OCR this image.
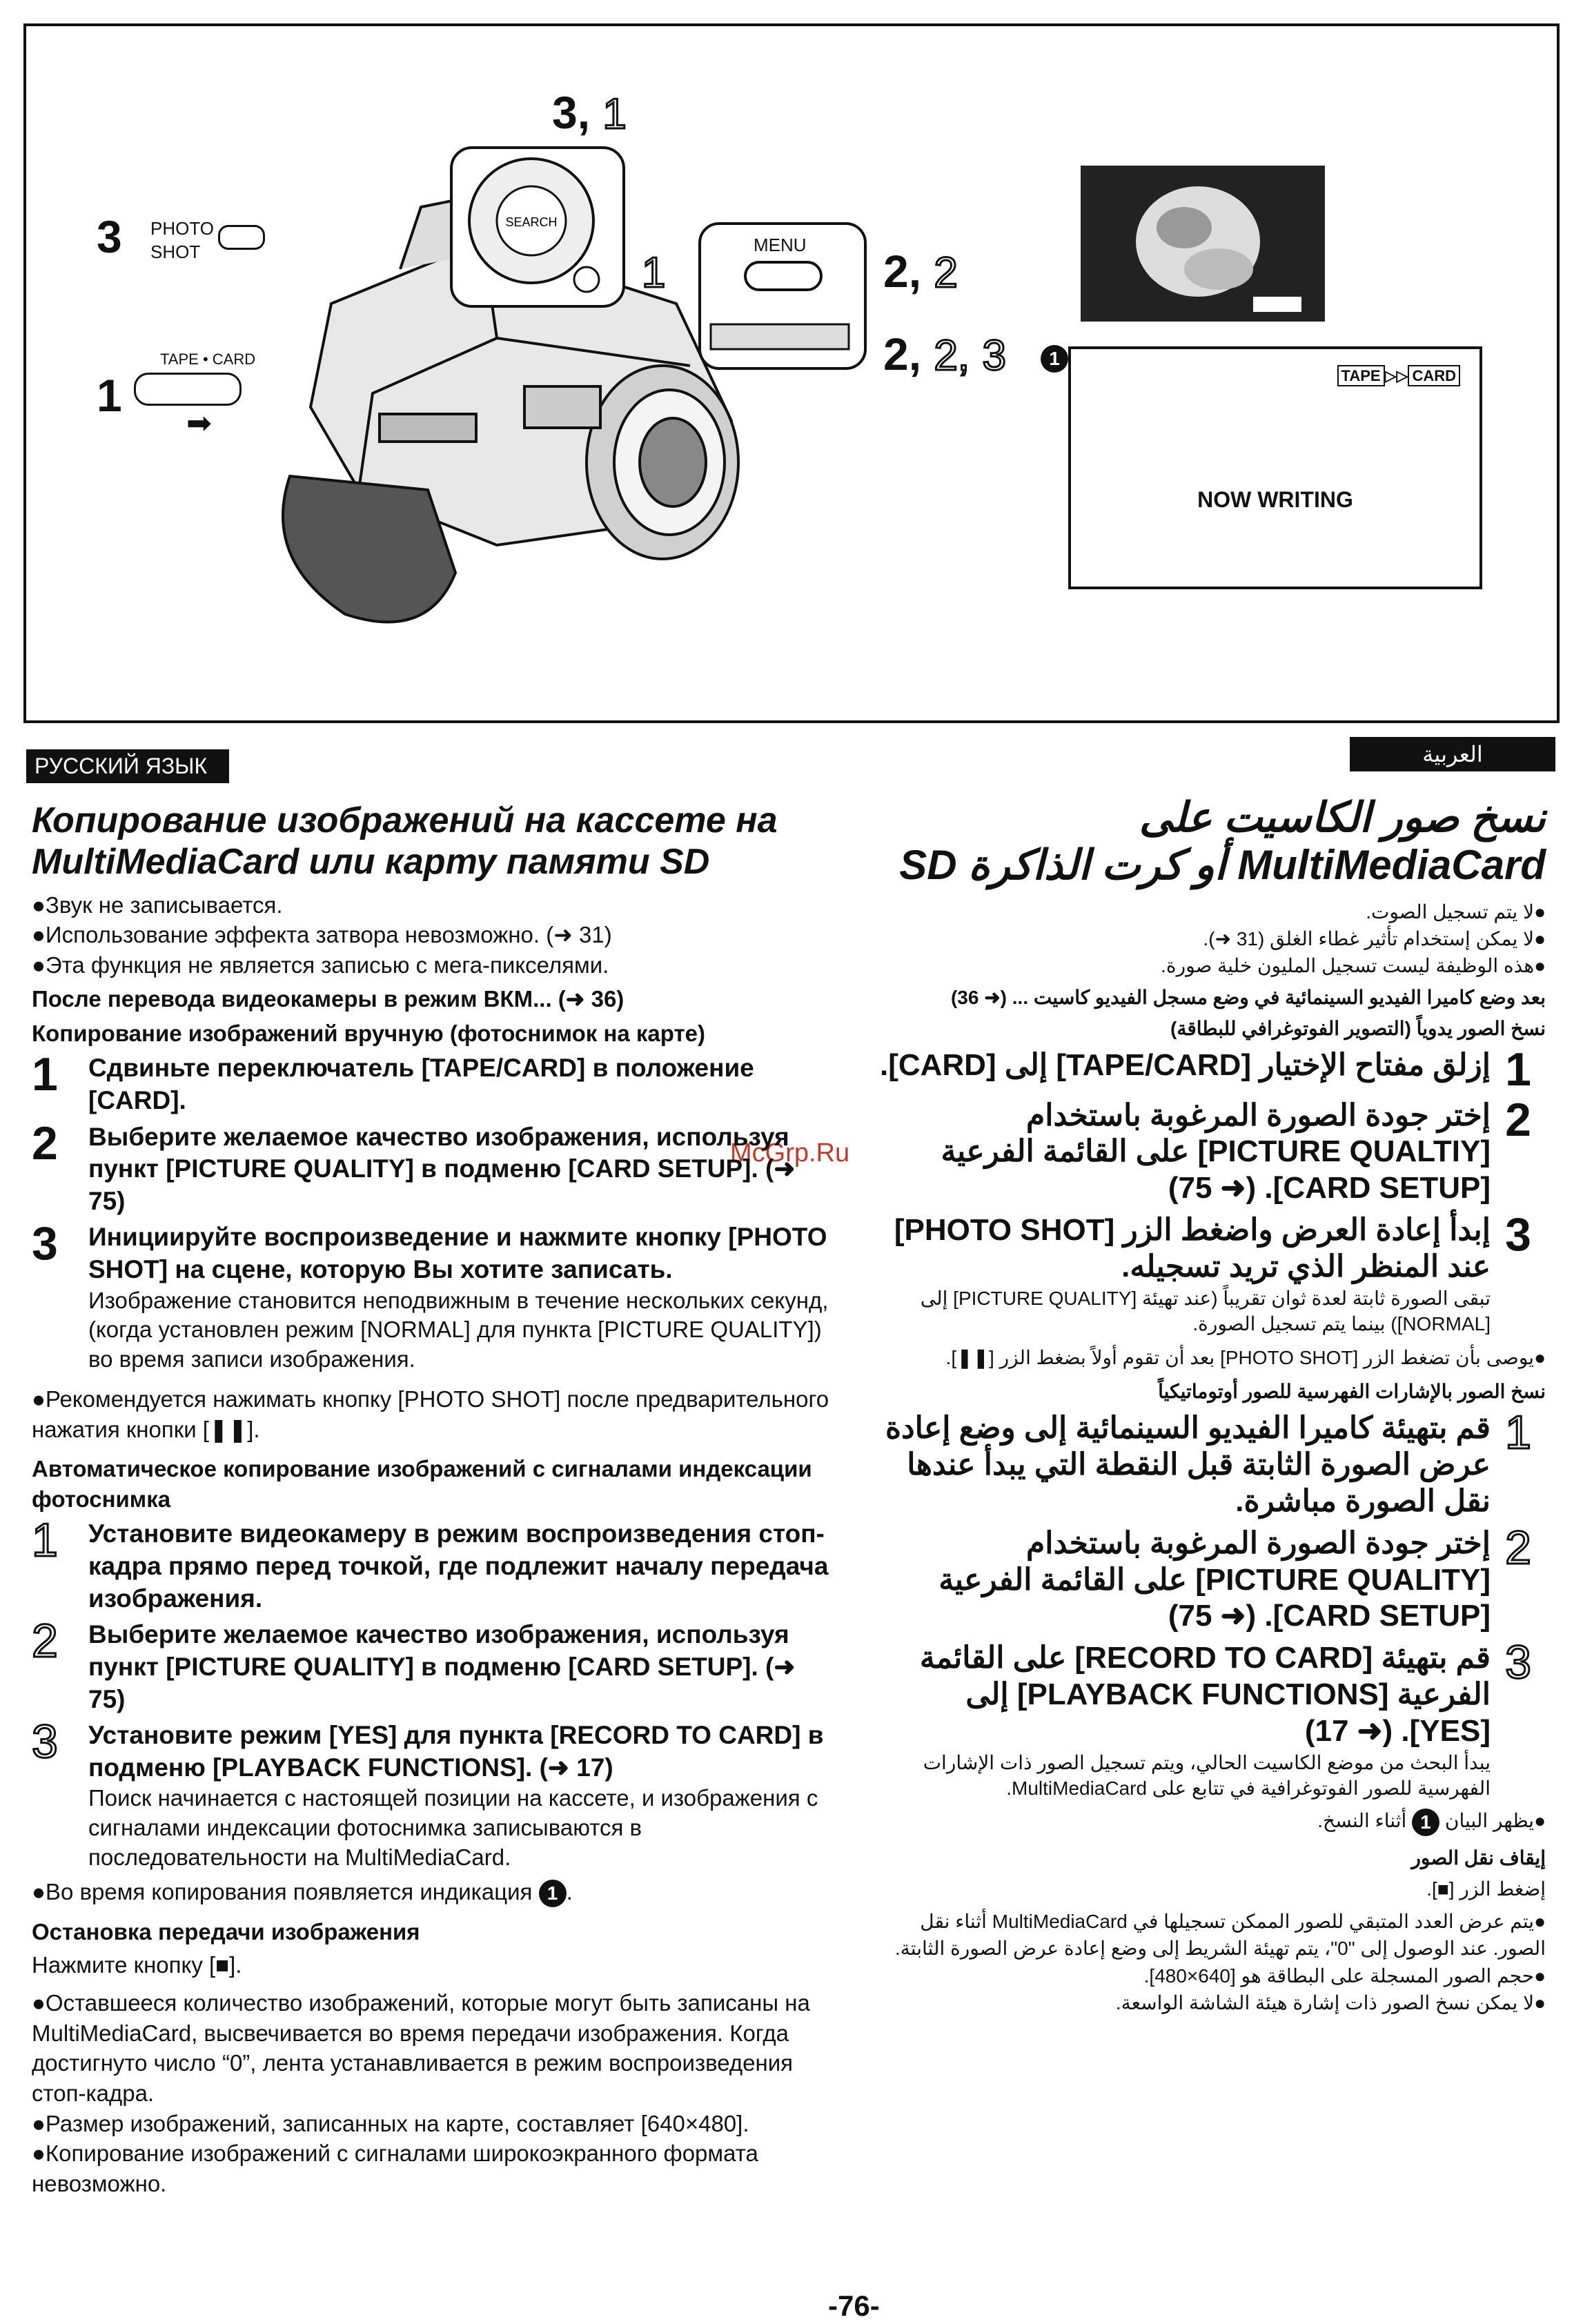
SEARCH
MENU
3, 1
3 PHOTO
SHOT
1
TAPE • CARD
➡
1	2, 2
2, 2, 3	1
TAPE ▷▷ CARD
NOW WRITING
РУССКИЙ ЯЗЫК	العربية
McGrp.Ru
Копирование изображений на кассете на MultiMediaCard или карту памяти SD

●Звук не записывается.

●Использование эффекта затвора невозможно. (➜ 31)

●Эта функция не является записью с мега-пикселями.

После перевода видеокамеры в режим ВКМ... (➜ 36)

Копирование изображений вручную (фотоснимок на карте)

1	Сдвиньте переключатель [TAPE/CARD] в положение [CARD].
2	Выберите желаемое качество изображения, используя пункт [PICTURE QUALITY] в подменю [CARD SETUP]. (➜ 75)
3	Инициируйте воспроизведение и нажмите кнопку [PHOTO SHOT] на сцене, которую Вы хотите записать.
Изображение становится неподвижным в течение нескольких секунд, (когда установлен режим [NORMAL] для пункта [PICTURE QUALITY]) во время записи изображения.

●Рекомендуется нажимать кнопку [PHOTO SHOT] после предварительного нажатия кнопки [❚❚].

Автоматическое копирование изображений с сигналами индексации фотоснимка

1	Установите видеокамеру в режим воспроизведения стоп-кадра прямо перед точкой, где подлежит началу передача изображения.
2	Выберите желаемое качество изображения, используя пункт [PICTURE QUALITY] в подменю [CARD SETUP]. (➜ 75)
3	Установите режим [YES] для пункта [RECORD TO CARD] в подменю [PLAYBACK FUNCTIONS]. (➜ 17)
Поиск начинается с настоящей позиции на кассете, и изображения с сигналами индексации фотоснимка записываются в последовательности на MultiMediaCard.

●Во время копирования появляется индикация 1 .

Остановка передачи изображения

Нажмите кнопку [■].

●Оставшееся количество изображений, которые могут быть записаны на MultiMediaCard, высвечивается во время передачи изображения. Когда достигнуто число “0”, лента устанавливается в режим воспроизведения стоп-кадра.

●Размер изображений, записанных на карте, составляет [640×480].

●Копирование изображений с сигналами широкоэкранного формата невозможно.

نسخ صور الكاسيت على MultiMediaCard أو كرت الذاكرة SD

●لا يتم تسجيل الصوت.

●لا يمكن إستخدام تأثير غطاء الغلق (31 ➜).

●هذه الوظيفة ليست تسجيل المليون خلية صورة.

بعد وضع كاميرا الفيديو السينمائية في وضع مسجل الفيديو كاسيت ... (➜ 36)

نسخ الصور يدوياً (التصوير الفوتوغرافي للبطاقة)

1
إزلق مفتاح الإختيار [TAPE/CARD] إلى [CARD].
2
إختر جودة الصورة المرغوبة باستخدام [PICTURE QUALTIY] على القائمة الفرعية [CARD SETUP]. (➜ 75)
3
إبدأ إعادة العرض واضغط الزر [PHOTO SHOT] عند المنظر الذي تريد تسجيله.
تبقى الصورة ثابتة لعدة ثوان تقريباً (عند تهيئة [PICTURE QUALITY] إلى [NORMAL]) بينما يتم تسجيل الصورة.

●يوصى بأن تضغط الزر [PHOTO SHOT] بعد أن تقوم أولاً بضغط الزر [❚❚].

نسخ الصور بالإشارات الفهرسية للصور أوتوماتيكياً

1
قم بتهيئة كاميرا الفيديو السينمائية إلى وضع إعادة عرض الصورة الثابتة قبل النقطة التي يبدأ عندها نقل الصورة مباشرة.
2
إختر جودة الصورة المرغوبة باستخدام [PICTURE QUALITY] على القائمة الفرعية [CARD SETUP]. (➜ 75)
3
قم بتهيئة [RECORD TO CARD] على القائمة الفرعية [PLAYBACK FUNCTIONS] إلى [YES]. (➜ 17)
يبدأ البحث من موضع الكاسيت الحالي، ويتم تسجيل الصور ذات الإشارات الفهرسية للصور الفوتوغرافية في تتابع على MultiMediaCard.

●يظهر البيان 1 أثناء النسخ.

إيقاف نقل الصور

إضغط الزر [■].

●يتم عرض العدد المتبقي للصور الممكن تسجيلها في MultiMediaCard أثناء نقل الصور. عند الوصول إلى "0"، يتم تهيئة الشريط إلى وضع إعادة عرض الصورة الثابتة.

●حجم الصور المسجلة على البطاقة هو [640×480].

●لا يمكن نسخ الصور ذات إشارة هيئة الشاشة الواسعة.

-76-
